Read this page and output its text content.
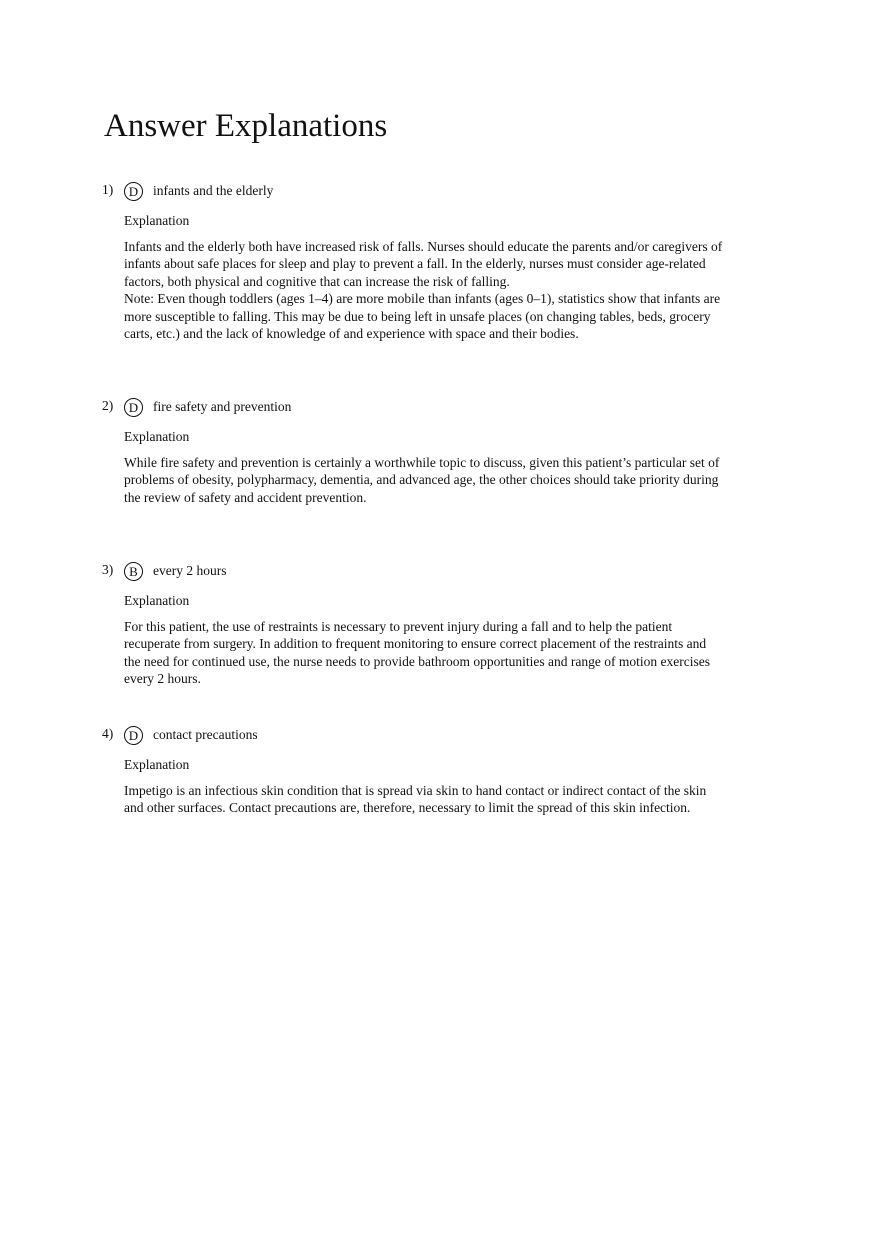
Answer Explanations
1)	D	infants and the elderly
Explanation

Infants and the elderly both have increased risk of falls. Nurses should educate the parents and/or caregivers of infants about safe places for sleep and play to prevent a fall. In the elderly, nurses must consider age-related factors, both physical and cognitive that can increase the risk of falling.

Note: Even though toddlers (ages 1–4) are more mobile than infants (ages 0–1), statistics show that infants are more susceptible to falling. This may be due to being left in unsafe places (on changing tables, beds, grocery carts, etc.) and the lack of knowledge of and experience with space and their bodies.

2)	D	fire safety and prevention
Explanation

While fire safety and prevention is certainly a worthwhile topic to discuss, given this patient’s particular set of problems of obesity, polypharmacy, dementia, and advanced age, the other choices should take priority during the review of safety and accident prevention.

3)	B	every 2 hours
Explanation

For this patient, the use of restraints is necessary to prevent injury during a fall and to help the patient recuperate from surgery. In addition to frequent monitoring to ensure correct placement of the restraints and the need for continued use, the nurse needs to provide bathroom opportunities and range of motion exercises every 2 hours.

4)	D	contact precautions
Explanation

Impetigo is an infectious skin condition that is spread via skin to hand contact or indirect contact of the skin and other surfaces. Contact precautions are, therefore, necessary to limit the spread of this skin infection.
